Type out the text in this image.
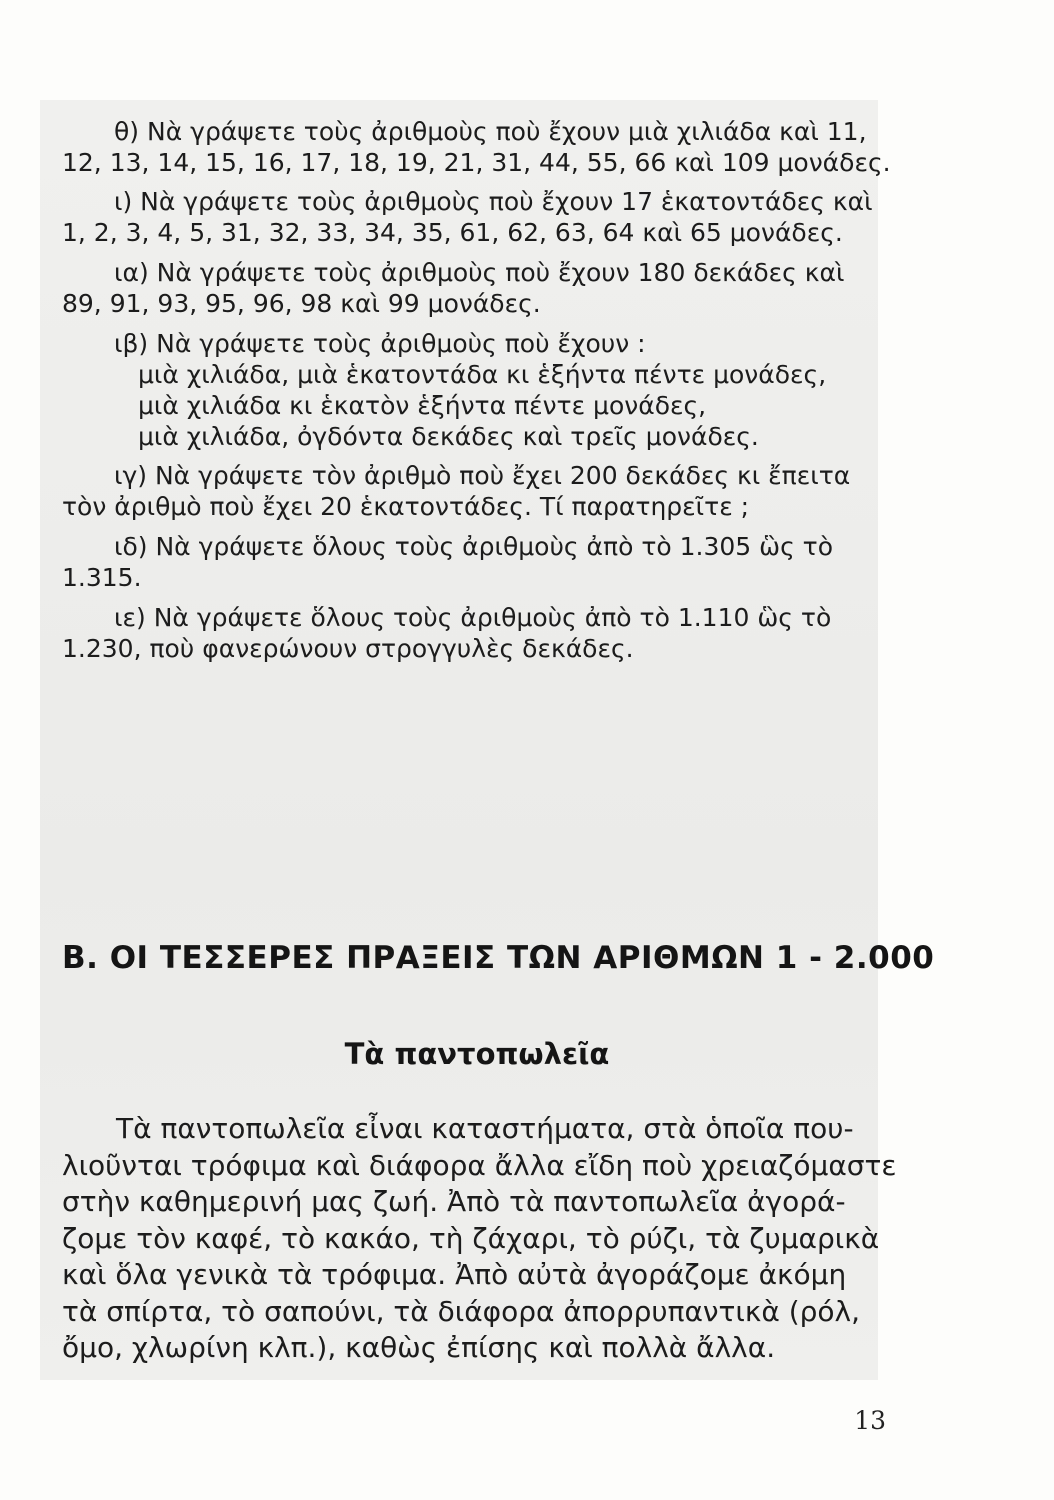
θ) Νὰ γράψετε τοὺς ἀριθμοὺς ποὺ ἔχουν μιὰ χιλιάδα καὶ 11,
12, 13, 14, 15, 16, 17, 18, 19, 21, 31, 44, 55, 66 καὶ 109 μονάδες.
ι) Νὰ γράψετε τοὺς ἀριθμοὺς ποὺ ἔχουν 17 ἑκατοντάδες καὶ
1, 2, 3, 4, 5, 31, 32, 33, 34, 35, 61, 62, 63, 64 καὶ 65 μονάδες.
ια) Νὰ γράψετε τοὺς ἀριθμοὺς ποὺ ἔχουν 180 δεκάδες καὶ
89, 91, 93, 95, 96, 98 καὶ 99 μονάδες.
ιβ) Νὰ γράψετε τοὺς ἀριθμοὺς ποὺ ἔχουν :
μιὰ χιλιάδα, μιὰ ἑκατοντάδα κι ἑξήντα πέντε μονάδες,
μιὰ χιλιάδα κι ἑκατὸν ἑξήντα πέντε μονάδες,
μιὰ χιλιάδα, ὀγδόντα δεκάδες καὶ τρεῖς μονάδες.
ιγ) Νὰ γράψετε τὸν ἀριθμὸ ποὺ ἔχει 200 δεκάδες κι ἔπειτα
τὸν ἀριθμὸ ποὺ ἔχει 20 ἑκατοντάδες. Τί παρατηρεῖτε ;
ιδ) Νὰ γράψετε ὅλους τοὺς ἀριθμοὺς ἀπὸ τὸ 1.305 ὣς τὸ
1.315.
ιε) Νὰ γράψετε ὅλους τοὺς ἀριθμοὺς ἀπὸ τὸ 1.110 ὣς τὸ
1.230, ποὺ φανερώνουν στρογγυλὲς δεκάδες.
Β. ΟΙ ΤΕΣΣΕΡΕΣ ΠΡΑΞΕΙΣ ΤΩΝ ΑΡΙΘΜΩΝ 1 - 2.000
Τὰ παντοπωλεῖα
Τὰ παντοπωλεῖα εἶναι καταστήματα, στὰ ὁποῖα που-
λιοῦνται τρόφιμα καὶ διάφορα ἄλλα εἴδη ποὺ χρειαζόμαστε
στὴν καθημερινή μας ζωή. Ἀπὸ τὰ παντοπωλεῖα ἀγορά-
ζομε τὸν καφέ, τὸ κακάο, τὴ ζάχαρι, τὸ ρύζι, τὰ ζυμαρικὰ
καὶ ὅλα γενικὰ τὰ τρόφιμα. Ἀπὸ αὐτὰ ἀγοράζομε ἀκόμη
τὰ σπίρτα, τὸ σαπούνι, τὰ διάφορα ἀπορρυπαντικὰ (ρόλ,
ὄμο, χλωρίνη κλπ.), καθὼς ἐπίσης καὶ πολλὰ ἄλλα.
13
